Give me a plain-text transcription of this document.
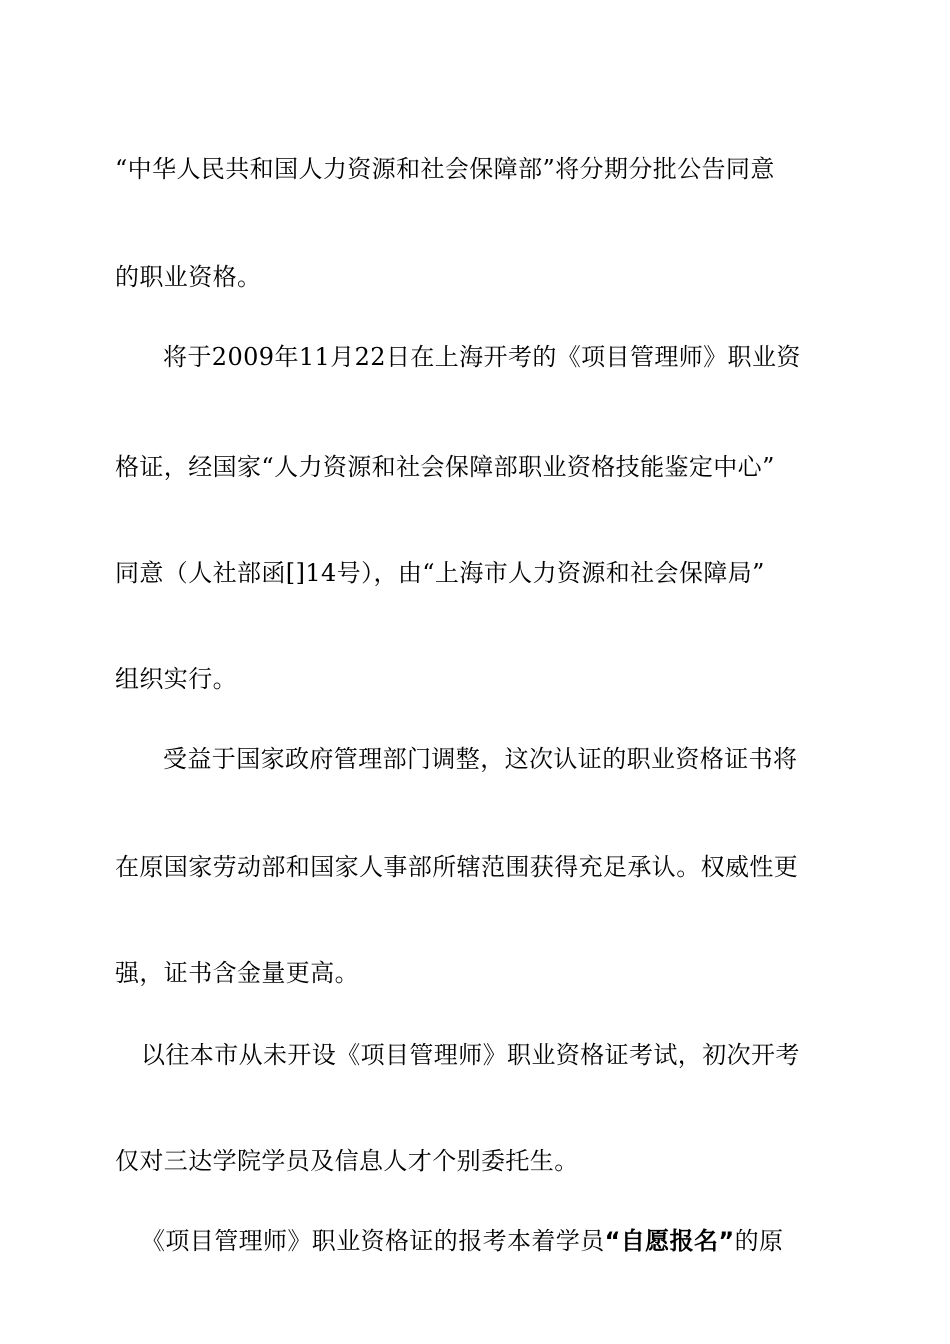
“中华人民共和国人力资源和社会保障部”将分期分批公告同意
的职业资格。
将于2009年11月22日在上海开考的《项目管理师》职业资
格证，经国家“人力资源和社会保障部职业资格技能鉴定中心”
同意（人社部函[]14号），由“上海市人力资源和社会保障局”
组织实行。
受益于国家政府管理部门调整，这次认证的职业资格证书将
在原国家劳动部和国家人事部所辖范围获得充足承认。权威性更
强，证书含金量更高。
以往本市从未开设《项目管理师》职业资格证考试，初次开考
仅对三达学院学员及信息人才个别委托生。
《项目管理师》职业资格证的报考本着学员“自愿报名”的原
